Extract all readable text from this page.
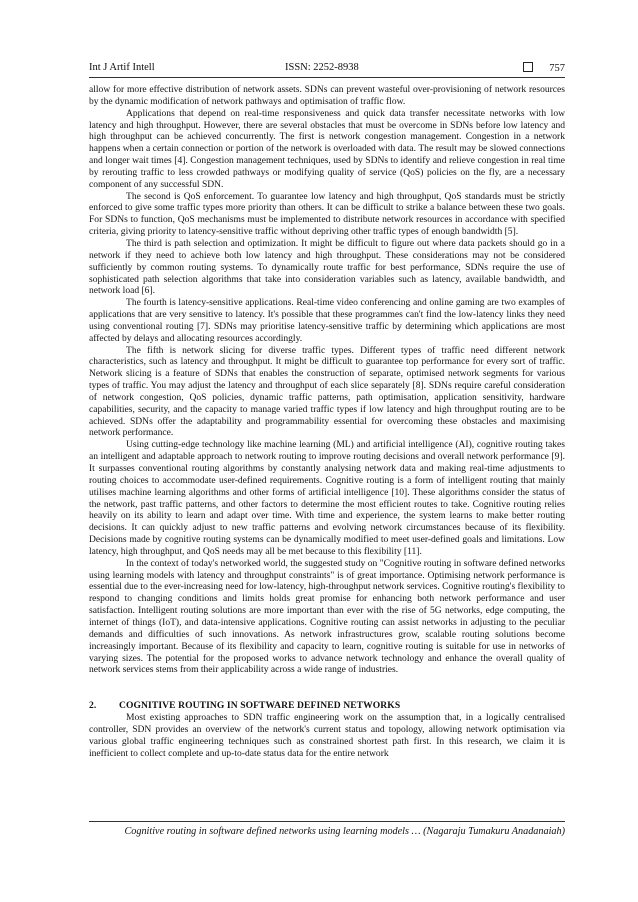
Int J Artif Intell	ISSN: 2252-8938	757

allow for more effective distribution of network assets. SDNs can prevent wasteful over-provisioning of network resources by the dynamic modification of network pathways and optimisation of traffic flow.

Applications that depend on real-time responsiveness and quick data transfer necessitate networks with low latency and high throughput. However, there are several obstacles that must be overcome in SDNs before low latency and high throughput can be achieved concurrently. The first is network congestion management. Congestion in a network happens when a certain connection or portion of the network is overloaded with data. The result may be slowed connections and longer wait times [4]. Congestion management techniques, used by SDNs to identify and relieve congestion in real time by rerouting traffic to less crowded pathways or modifying quality of service (QoS) policies on the fly, are a necessary component of any successful SDN.

The second is QoS enforcement. To guarantee low latency and high throughput, QoS standards must be strictly enforced to give some traffic types more priority than others. It can be difficult to strike a balance between these two goals. For SDNs to function, QoS mechanisms must be implemented to distribute network resources in accordance with specified criteria, giving priority to latency-sensitive traffic without depriving other traffic types of enough bandwidth [5].

The third is path selection and optimization. It might be difficult to figure out where data packets should go in a network if they need to achieve both low latency and high throughput. These considerations may not be considered sufficiently by common routing systems. To dynamically route traffic for best performance, SDNs require the use of sophisticated path selection algorithms that take into consideration variables such as latency, available bandwidth, and network load [6].

The fourth is latency-sensitive applications. Real-time video conferencing and online gaming are two examples of applications that are very sensitive to latency. It's possible that these programmes can't find the low-latency links they need using conventional routing [7]. SDNs may prioritise latency-sensitive traffic by determining which applications are most affected by delays and allocating resources accordingly.

The fifth is network slicing for diverse traffic types. Different types of traffic need different network characteristics, such as latency and throughput. It might be difficult to guarantee top performance for every sort of traffic. Network slicing is a feature of SDNs that enables the construction of separate, optimised network segments for various types of traffic. You may adjust the latency and throughput of each slice separately [8]. SDNs require careful consideration of network congestion, QoS policies, dynamic traffic patterns, path optimisation, application sensitivity, hardware capabilities, security, and the capacity to manage varied traffic types if low latency and high throughput routing are to be achieved. SDNs offer the adaptability and programmability essential for overcoming these obstacles and maximising network performance.

Using cutting-edge technology like machine learning (ML) and artificial intelligence (AI), cognitive routing takes an intelligent and adaptable approach to network routing to improve routing decisions and overall network performance [9]. It surpasses conventional routing algorithms by constantly analysing network data and making real-time adjustments to routing choices to accommodate user-defined requirements. Cognitive routing is a form of intelligent routing that mainly utilises machine learning algorithms and other forms of artificial intelligence [10]. These algorithms consider the status of the network, past traffic patterns, and other factors to determine the most efficient routes to take. Cognitive routing relies heavily on its ability to learn and adapt over time. With time and experience, the system learns to make better routing decisions. It can quickly adjust to new traffic patterns and evolving network circumstances because of its flexibility. Decisions made by cognitive routing systems can be dynamically modified to meet user-defined goals and limitations. Low latency, high throughput, and QoS needs may all be met because to this flexibility [11].

In the context of today's networked world, the suggested study on "Cognitive routing in software defined networks using learning models with latency and throughput constraints" is of great importance. Optimising network performance is essential due to the ever-increasing need for low-latency, high-throughput network services. Cognitive routing's flexibility to respond to changing conditions and limits holds great promise for enhancing both network performance and user satisfaction. Intelligent routing solutions are more important than ever with the rise of 5G networks, edge computing, the internet of things (IoT), and data-intensive applications. Cognitive routing can assist networks in adjusting to the peculiar demands and difficulties of such innovations. As network infrastructures grow, scalable routing solutions become increasingly important. Because of its flexibility and capacity to learn, cognitive routing is suitable for use in networks of varying sizes. The potential for the proposed works to advance network technology and enhance the overall quality of network services stems from their applicability across a wide range of industries.

2. COGNITIVE ROUTING IN SOFTWARE DEFINED NETWORKS

Most existing approaches to SDN traffic engineering work on the assumption that, in a logically centralised controller, SDN provides an overview of the network's current status and topology, allowing network optimisation via various global traffic engineering techniques such as constrained shortest path first. In this research, we claim it is inefficient to collect complete and up-to-date status data for the entire network

Cognitive routing in software defined networks using learning models … (Nagaraju Tumakuru Anadanaiah)
